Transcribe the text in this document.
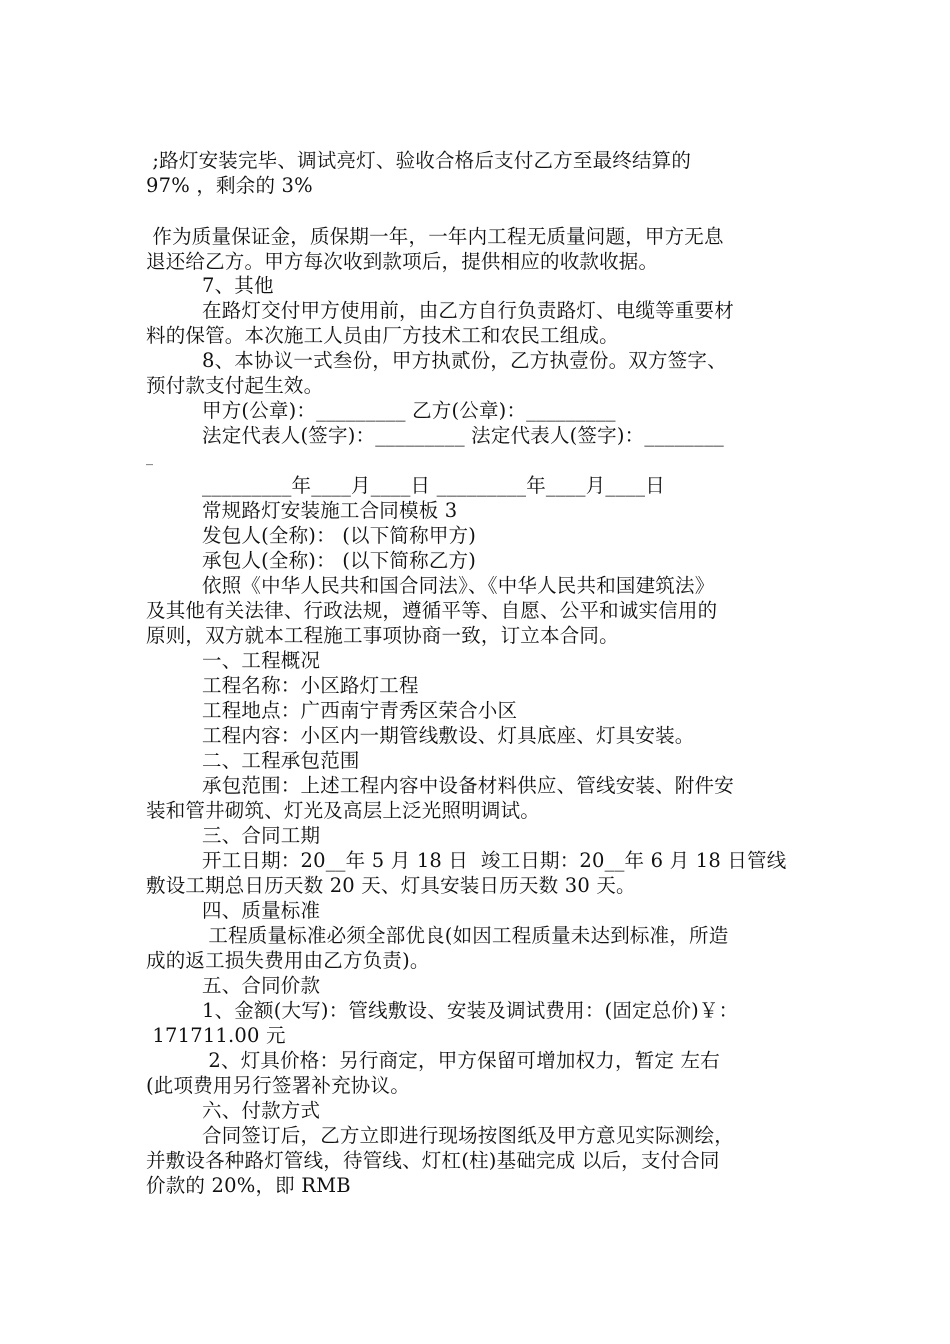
;路灯安装完毕、调试亮灯、验收合格后支付乙方至最终结算的
97% ，剩余的 3%
作为质量保证金，质保期一年，一年内工程无质量问题，甲方无息
退还给乙方。甲方每次收到款项后，提供相应的收款收据。
7、其他
在路灯交付甲方使用前，由乙方自行负责路灯、电缆等重要材
料的保管。本次施工人员由厂方技术工和农民工组成。
8、本协议一式叁份，甲方执贰份，乙方执壹份。双方签字、
预付款支付起生效。
甲方(公章)：_________ 乙方(公章)：_________
法定代表人(签字)：_________ 法定代表人(签字)：________
_
_________年____月____日 _________年____月____日
常规路灯安装施工合同模板 3
发包人(全称)： (以下简称甲方)
承包人(全称)： (以下简称乙方)
依照《中华人民共和国合同法》、《中华人民共和国建筑法》
及其他有关法律、行政法规，遵循平等、自愿、公平和诚实信用的
原则，双方就本工程施工事项协商一致，订立本合同。
一、工程概况
工程名称：小区路灯工程
工程地点：广西南宁青秀区荣合小区
工程内容：小区内一期管线敷设、灯具底座、灯具安装。
二、工程承包范围
承包范围：上述工程内容中设备材料供应、管线安装、附件安
装和管井砌筑、灯光及高层上泛光照明调试。
三、合同工期
开工日期：20__年 5 月 18 日  竣工日期：20__年 6 月 18 日管线
敷设工期总日历天数 20 天、灯具安装日历天数 30 天。
四、质量标准
工程质量标准必须全部优良(如因工程质量未达到标准，所造
成的返工损失费用由乙方负责)。
五、合同价款
1、金额(大写)：管线敷设、安装及调试费用：(固定总价)￥：
171711.00 元
2、灯具价格：另行商定，甲方保留可增加权力，暂定 左右
(此项费用另行签署补充协议。
六、付款方式
合同签订后，乙方立即进行现场按图纸及甲方意见实际测绘，
并敷设各种路灯管线，待管线、灯杠(柱)基础完成 以后，支付合同
价款的 20%，即 RMB
